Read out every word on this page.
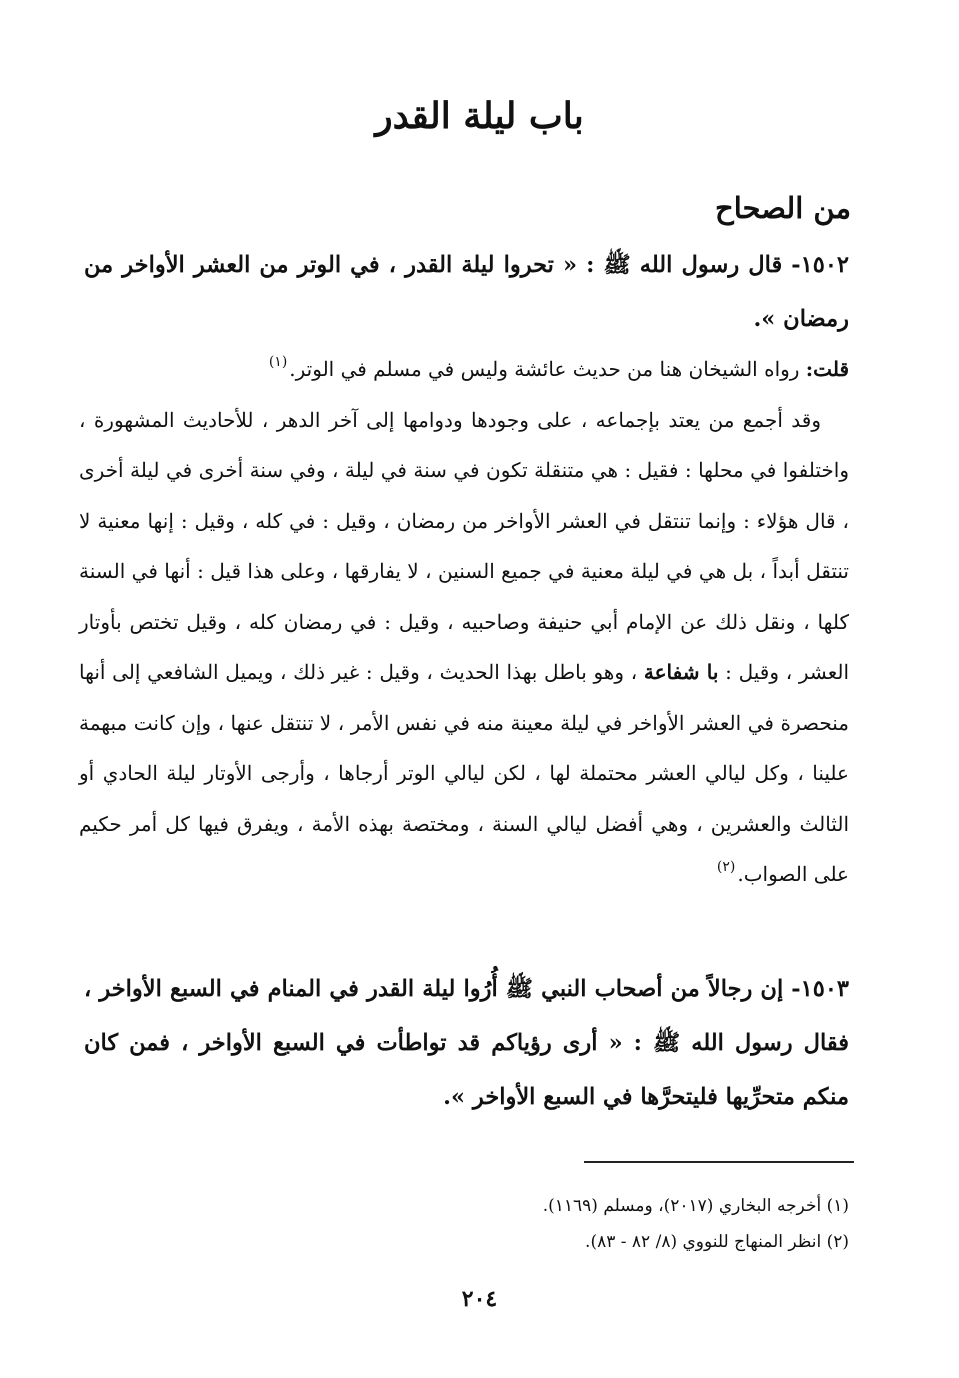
باب ليلة القدر
من الصحاح
١٥٠٢- قال رسول الله ﷺ : « تحروا ليلة القدر ، في الوتر من العشر الأواخر من رمضان ».

قلت: رواه الشيخان هنا من حديث عائشة وليس في مسلم في الوتر.$^{(١)}$

وقد أجمع من يعتد بإجماعه ، على وجودها ودوامها إلى آخر الدهر ، للأحاديث المشهورة ، واختلفوا في محلها : فقيل : هي متنقلة تكون في سنة في ليلة ، وفي سنة أخرى في ليلة أخرى ، قال هؤلاء : وإنما تنتقل في العشر الأواخر من رمضان ، وقيل : في كله ، وقيل : إنها معنية لا تنتقل أبداً ، بل هي في ليلة معنية في جميع السنين ، لا يفارقها ، وعلى هذا قيل : أنها في السنة كلها ، ونقل ذلك عن الإمام أبي حنيفة وصاحبيه ، وقيل : في رمضان كله ، وقيل تختص بأوتار العشر ، وقيل : با شفاعة ، وهو باطل بهذا الحديث ، وقيل : غير ذلك ، ويميل الشافعي إلى أنها منحصرة في العشر الأواخر في ليلة معينة منه في نفس الأمر ، لا تنتقل عنها ، وإن كانت مبهمة علينا ، وكل ليالي العشر محتملة لها ، لكن ليالي الوتر أرجاها ، وأرجى الأوتار ليلة الحادي أو الثالث والعشرين ، وهي أفضل ليالي السنة ، ومختصة بهذه الأمة ، ويفرق فيها كل أمر حكيم على الصواب.$^{(٢)}$

١٥٠٣- إن رجالاً من أصحاب النبي ﷺ أُرُوا ليلة القدر في المنام في السبع الأواخر ، فقال رسول الله ﷺ : « أرى رؤياكم قد تواطأت في السبع الأواخر ، فمن كان منكم متحرِّيها فليتحرَّها في السبع الأواخر ».

(١) أخرجه البخاري (٢٠١٧)، ومسلم (١١٦٩).

(٢) انظر المنهاج للنووي (٨/ ٨٢ - ٨٣).

٢٠٤
